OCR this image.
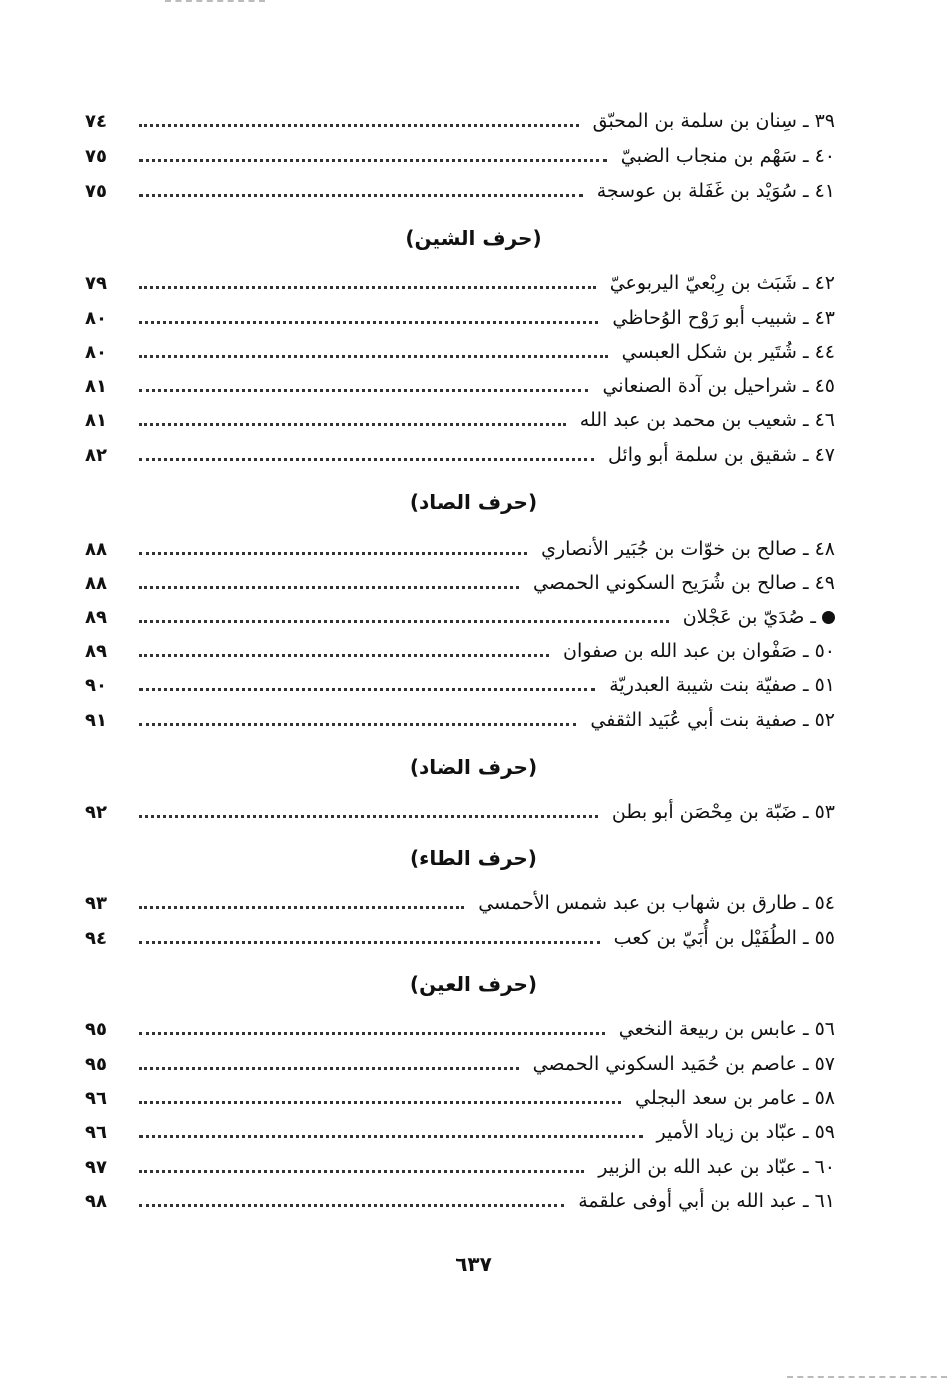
٣٩ ـ سِنان بن سلمة بن المحبّق
٧٤
٤٠ ـ سَهْم بن منجاب الضبيّ
٧٥
٤١ ـ سُوَيْد بن غَفَلة بن عوسجة
٧٥
(حرف الشين)
٤٢ ـ شَبَث بن رِبْعيّ اليربوعيّ
٧٩
٤٣ ـ شبيب أبو رَوْح الوُحاظي
٨٠
٤٤ ـ شُتَير بن شكل العبسي
٨٠
٤٥ ـ شراحيل بن آدة الصنعاني
٨١
٤٦ ـ شعيب بن محمد بن عبد الله
٨١
٤٧ ـ شقيق بن سلمة أبو وائل
٨٢
(حرف الصاد)
٤٨ ـ صالح بن خوّات بن جُبَير الأنصاري
٨٨
٤٩ ـ صالح بن شُرَيح السكوني الحمصي
٨٨
ـ صُدَيّ بن عَجْلان
٨٩
٥٠ ـ صَفْوان بن عبد الله بن صفوان
٨٩
٥١ ـ صفيّة بنت شيبة العبدريّة
٩٠
٥٢ ـ صفية بنت أبي عُبَيد الثقفي
٩١
(حرف الضاد)
٥٣ ـ ضَبّة بن مِحْصَن أبو بطن
٩٢
(حرف الطاء)
٥٤ ـ طارق بن شهاب بن عبد شمس الأحمسي
٩٣
٥٥ ـ الطُفَيْل بن أُبَيّ بن كعب
٩٤
(حرف العين)
٥٦ ـ عابس بن ربيعة النخعي
٩٥
٥٧ ـ عاصم بن حُمَيد السكوني الحمصي
٩٥
٥٨ ـ عامر بن سعد البجلي
٩٦
٥٩ ـ عبّاد بن زياد الأمير
٩٦
٦٠ ـ عبّاد بن عبد الله بن الزبير
٩٧
٦١ ـ عبد الله بن أبي أوفى علقمة
٩٨
٦٣٧
